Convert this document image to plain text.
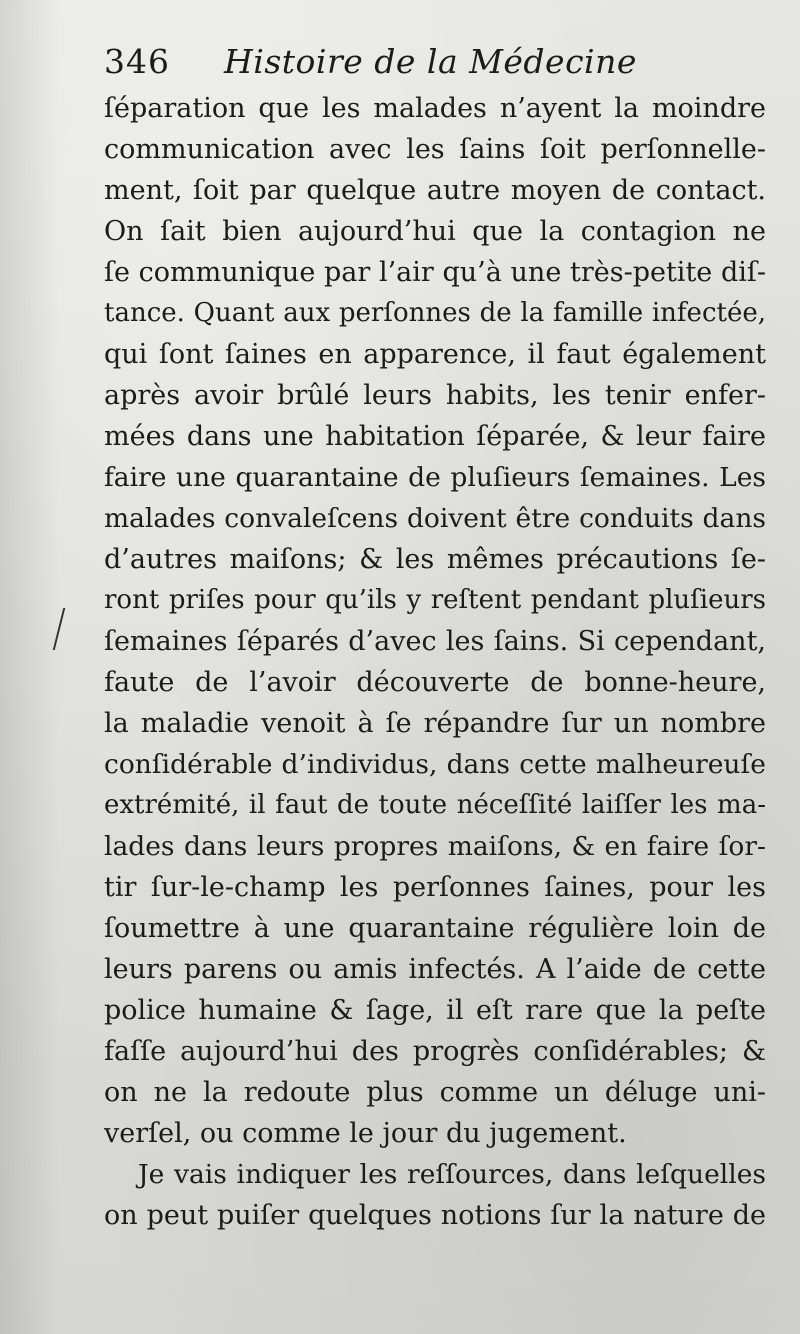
346 Histoire de la Médecine
ſéparation que les malades n’ayent la moindre
communication avec les ſains ſoit perſonnelle-
ment, ſoit par quelque autre moyen de contact.
On ſait bien aujourd’hui que la contagion ne
ſe communique par l’air qu’à une très-petite diſ-
tance. Quant aux perſonnes de la famille infectée,
qui ſont ſaines en apparence, il faut également
après avoir brûlé leurs habits, les tenir enfer-
mées dans une habitation ſéparée, & leur faire
faire une quarantaine de pluſieurs ſemaines. Les
malades convaleſcens doivent être conduits dans
d’autres maiſons; & les mêmes précautions ſe-
ront priſes pour qu’ils y reſtent pendant pluſieurs
ſemaines ſéparés d’avec les ſains. Si cependant,
faute de l’avoir découverte de bonne-heure,
la maladie venoit à ſe répandre ſur un nombre
conſidérable d’individus, dans cette malheureuſe
extrémité, il faut de toute néceſſité laiſſer les ma-
lades dans leurs propres maiſons, & en faire ſor-
tir ſur-le-champ les perſonnes ſaines, pour les
ſoumettre à une quarantaine régulière loin de
leurs parens ou amis infectés. A l’aide de cette
police humaine & ſage, il eſt rare que la peſte
faſſe aujourd’hui des progrès conſidérables; &
on ne la redoute plus comme un déluge uni-
verſel, ou comme le jour du jugement.
Je vais indiquer les reſſources, dans leſquelles
on peut puiſer quelques notions ſur la nature de
